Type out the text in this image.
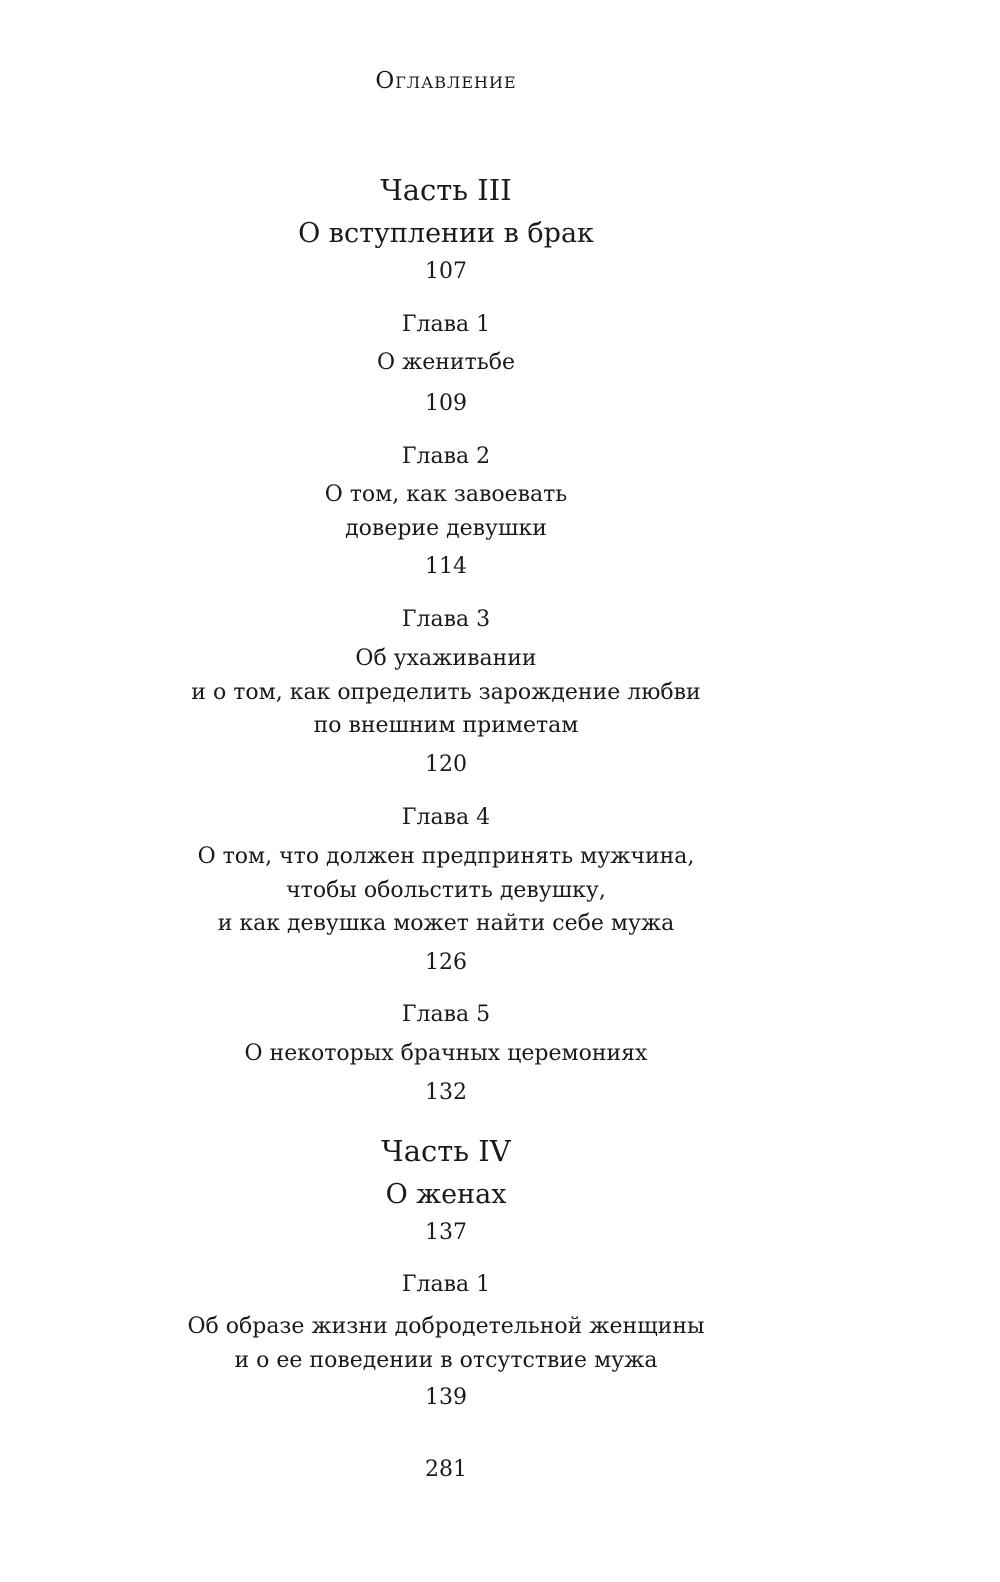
Оглавление
Часть III
О вступлении в брак
107
Глава 1
О женитьбе
109
Глава 2
О том, как завоевать
доверие девушки
114
Глава 3
Об ухаживании
и о том, как определить зарождение любви
по внешним приметам
120
Глава 4
О том, что должен предпринять мужчина,
чтобы обольстить девушку,
и как девушка может найти себе мужа
126
Глава 5
О некоторых брачных церемониях
132
Часть IV
О женах
137
Глава 1
Об образе жизни добродетельной женщины
и о ее поведении в отсутствие мужа
139
281
